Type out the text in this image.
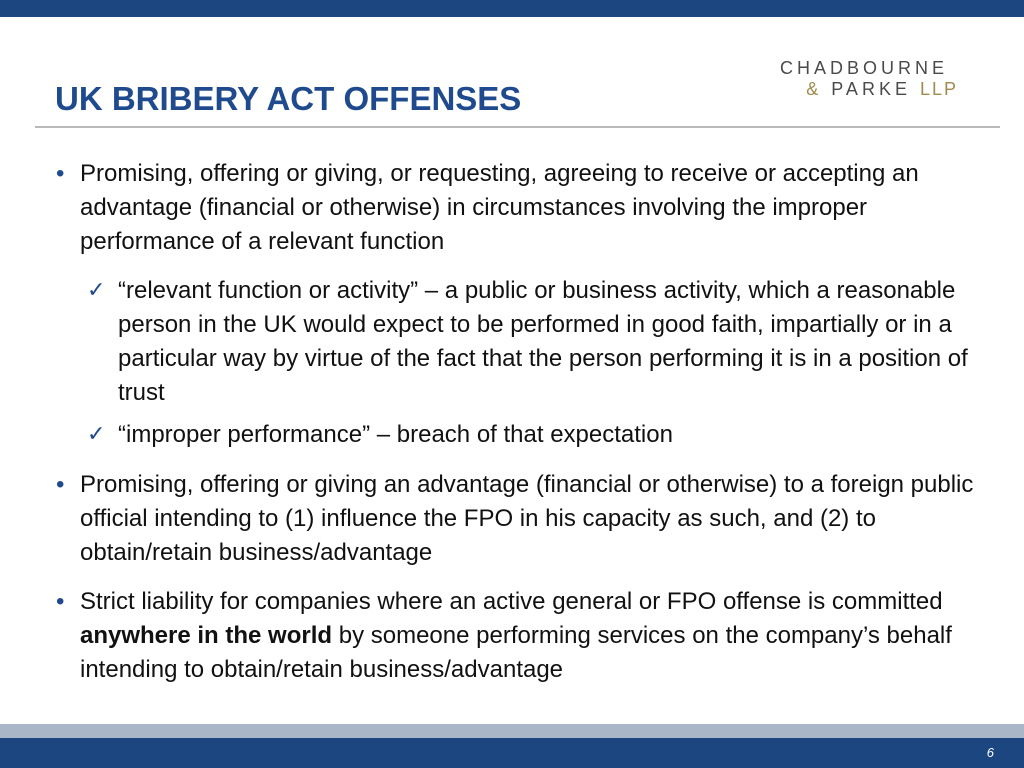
CHADBOURNE
& PARKE LLP
UK BRIBERY ACT OFFENSES
• Promising, offering or giving, or requesting, agreeing to receive or accepting an advantage (financial or otherwise) in circumstances involving the improper performance of a relevant function
✓ “relevant function or activity” – a public or business activity, which a reasonable person in the UK would expect to be performed in good faith, impartially or in a particular way by virtue of the fact that the person performing it is in a position of trust
✓ “improper performance” – breach of that expectation
• Promising, offering or giving an advantage (financial or otherwise) to a foreign public official intending to (1) influence the FPO in his capacity as such, and (2) to obtain/retain business/advantage
• Strict liability for companies where an active general or FPO offense is committed anywhere in the world by someone performing services on the company’s behalf intending to obtain/retain business/advantage
6
